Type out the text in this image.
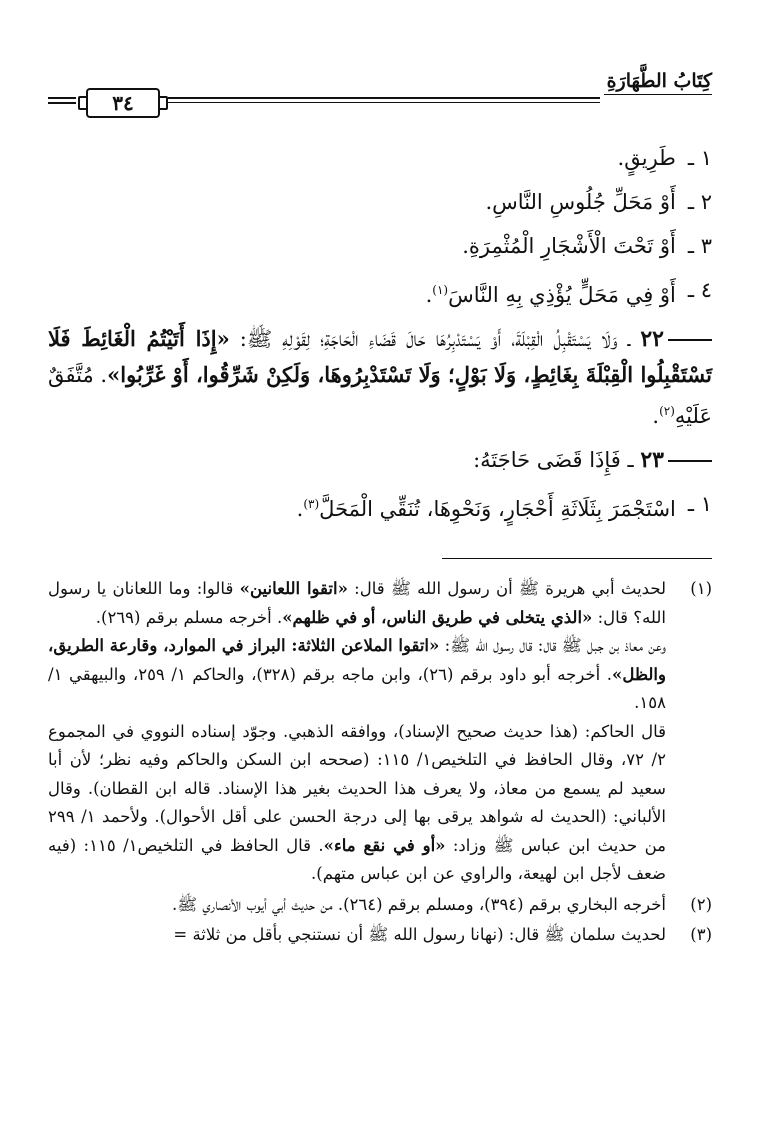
كِتَابُ الطَّهَارَةِ
٣٤
١ ـ
طَرِيقٍ.
٢ ـ
أَوْ مَحَلِّ جُلُوسِ النَّاسِ.
٣ ـ
أَوْ تَحْتَ الْأَشْجَارِ الْمُثْمِرَةِ.
٤ ـ
أَوْ فِي مَحَلٍّ يُؤْذِي بِهِ النَّاسَ$^{(١)}$.
٢٢ ـ وَلَا يَسْتَقْبِلُ الْقِبْلَةَ، أَوْ يَسْتَدْبِرُهَا حَالَ قَضَاءِ الْحَاجَةِ؛ لِقَوْلِهِ ﷺ: «إِذَا أَتَيْتُمُ الْغَائِطَ فَلَا تَسْتَقْبِلُوا الْقِبْلَةَ بِغَائِطٍ، وَلَا بَوْلٍ؛ وَلَا تَسْتَدْبِرُوهَا، وَلَكِنْ شَرِّقُوا، أَوْ غَرِّبُوا». مُتَّفَقٌ عَلَيْهِ$^{(٢)}$.
٢٣ ـ فَإِذَا قَضَى حَاجَتَهُ:
١ ـ
اسْتَجْمَرَ بِثَلَاثَةِ أَحْجَارٍ، وَنَحْوِهَا، تُنَقِّي الْمَحَلَّ$^{(٣)}$.
(١)

لحديث أبي هريرة ﷺ أن رسول الله ﷺ قال: «اتقوا اللعانين» قالوا: وما اللعانان يا رسول الله؟ قال: «الذي يتخلى في طريق الناس، أو في ظلهم». أخرجه مسلم برقم (٢٦٩).

وعن معاذ بن جبل ﷺ قال: قال رسول الله ﷺ: «اتقوا الملاعن الثلاثة: البراز في الموارد، وقارعة الطريق، والظل». أخرجه أبو داود برقم (٢٦)، وابن ماجه برقم (٣٢٨)، والحاكم ١/ ٢٥٩، والبيهقي ١/ ١٥٨.

قال الحاكم: (هذا حديث صحيح الإسناد)، ووافقه الذهبي. وجوّد إسناده النووي في المجموع ٢/ ٧٢، وقال الحافظ في التلخيص١/ ١١٥: (صححه ابن السكن والحاكم وفيه نظر؛ لأن أبا سعيد لم يسمع من معاذ، ولا يعرف هذا الحديث بغير هذا الإسناد. قاله ابن القطان). وقال الألباني: (الحديث له شواهد يرقى بها إلى درجة الحسن على أقل الأحوال). ولأحمد ١/ ٢٩٩ من حديث ابن عباس ﷺ وزاد: «أو في نقع ماء». قال الحافظ في التلخيص١/ ١١٥: (فيه ضعف لأجل ابن لهيعة، والراوي عن ابن عباس متهم).

(٢)

أخرجه البخاري برقم (٣٩٤)، ومسلم برقم (٢٦٤). من حديث أبي أيوب الأنصاري ﷺ.

(٣)

لحديث سلمان ﷺ قال: (نهانا رسول الله ﷺ أن نستنجي بأقل من ثلاثة =
